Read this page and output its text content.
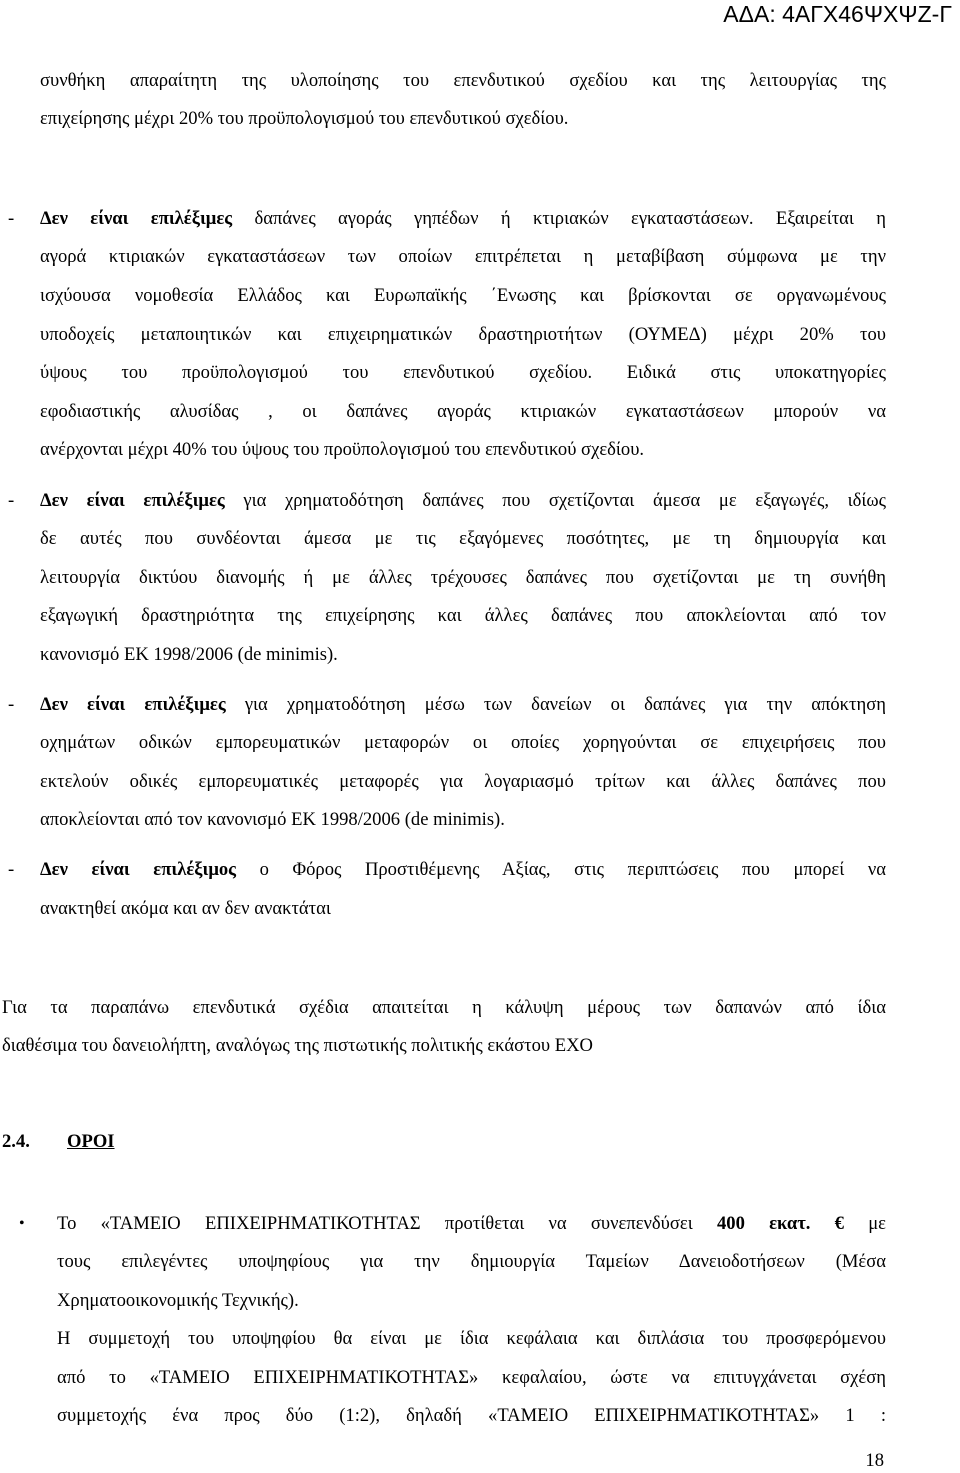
ΑΔΑ: 4ΑΓΧ46ΨΧΨΖ-Γ

συνθήκη απαραίτητη της υλοποίησης του επενδυτικού σχεδίου και της λειτουργίας της

επιχείρησης μέχρι 20% του προϋπολογισμού του επενδυτικού σχεδίου.

- Δεν είναι επιλέξιμες δαπάνες αγοράς γηπέδων ή κτιριακών εγκαταστάσεων. Εξαιρείται η

αγορά κτιριακών εγκαταστάσεων των οποίων επιτρέπεται η μεταβίβαση σύμφωνα με την

ισχύουσα νομοθεσία Ελλάδος και Ευρωπαϊκής ΄Ενωσης και βρίσκονται σε οργανωμένους

υποδοχείς μεταποιητικών και επιχειρηματικών δραστηριοτήτων (ΟΥΜΕΔ) μέχρι 20% του

ύψους του προϋπολογισμού του επενδυτικού σχεδίου. Ειδικά στις υποκατηγορίες

εφοδιαστικής αλυσίδας , οι δαπάνες αγοράς κτιριακών εγκαταστάσεων μπορούν να

ανέρχονται μέχρι 40% του ύψους του προϋπολογισμού του επενδυτικού σχεδίου.

- Δεν είναι επιλέξιμες για χρηματοδότηση δαπάνες που σχετίζονται άμεσα με εξαγωγές, ιδίως

δε αυτές που συνδέονται άμεσα με τις εξαγόμενες ποσότητες, με τη δημιουργία και

λειτουργία δικτύου διανομής ή με άλλες τρέχουσες δαπάνες που σχετίζονται με τη συνήθη

εξαγωγική δραστηριότητα της επιχείρησης και άλλες δαπάνες που αποκλείονται από τον

κανονισμό ΕΚ 1998/2006 (de minimis).

- Δεν είναι επιλέξιμες για χρηματοδότηση μέσω των δανείων οι δαπάνες για την απόκτηση

οχημάτων οδικών εμπορευματικών μεταφορών οι οποίες χορηγούνται σε επιχειρήσεις που

εκτελούν οδικές εμπορευματικές μεταφορές για λογαριασμό τρίτων και άλλες δαπάνες που

αποκλείονται από τον κανονισμό ΕΚ 1998/2006 (de minimis).

- Δεν είναι επιλέξιμος ο Φόρος Προστιθέμενης Αξίας, στις περιπτώσεις που μπορεί να

ανακτηθεί ακόμα και αν δεν ανακτάται

Για τα παραπάνω επενδυτικά σχέδια απαιτείται η κάλυψη μέρους των δαπανών από ίδια

διαθέσιμα του δανειολήπτη, αναλόγως της πιστωτικής πολιτικής εκάστου ΕΧΟ

2.4. ΟΡΟΙ
• Το «ΤΑΜΕΙΟ ΕΠΙΧΕΙΡΗΜΑΤΙΚΟΤΗΤΑΣ προτίθεται να συνεπενδύσει 400 εκατ. € με

τους επιλεγέντες υποψηφίους για την δημιουργία Ταμείων Δανειοδοτήσεων (Μέσα

Χρηματοοικονομικής Τεχνικής).

Η συμμετοχή του υποψηφίου θα είναι με ίδια κεφάλαια και διπλάσια του προσφερόμενου

από το «ΤΑΜΕΙΟ ΕΠΙΧΕΙΡΗΜΑΤΙΚΟΤΗΤΑΣ» κεφαλαίου, ώστε να επιτυγχάνεται σχέση

συμμετοχής ένα προς δύο (1:2), δηλαδή «ΤΑΜΕΙΟ ΕΠΙΧΕΙΡΗΜΑΤΙΚΟΤΗΤΑΣ» 1 :

18
